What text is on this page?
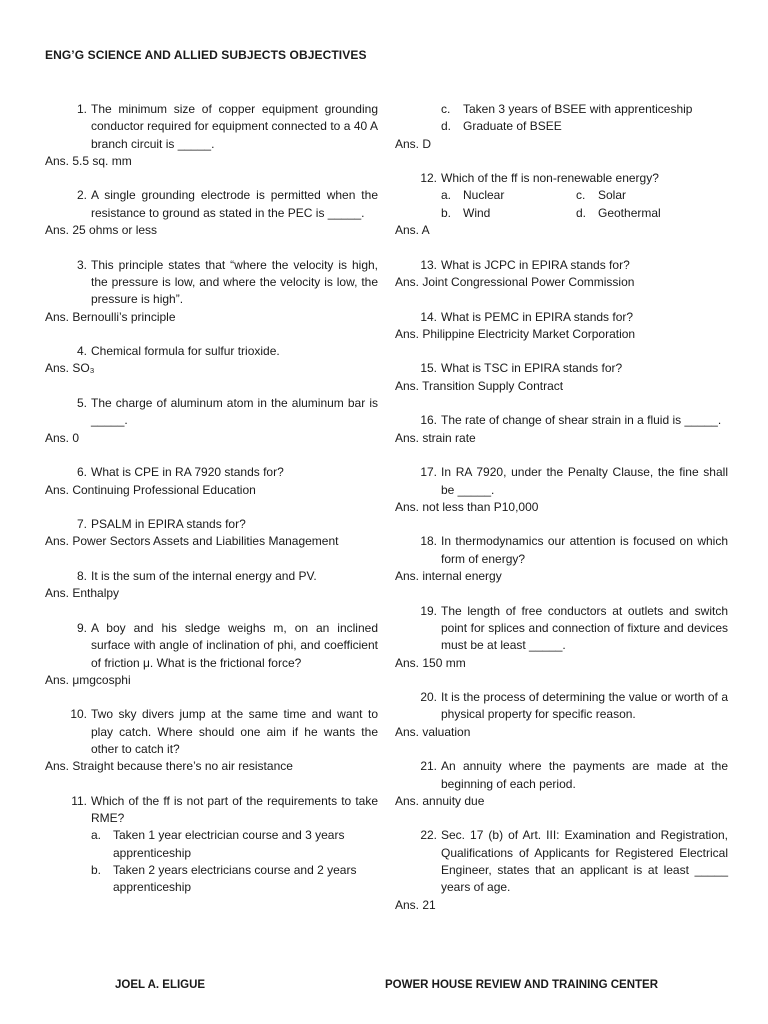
ENG’G SCIENCE AND ALLIED SUBJECTS OBJECTIVES
1. The minimum size of copper equipment grounding conductor required for equipment connected to a 40 A branch circuit is _____.
Ans. 5.5 sq. mm
2. A single grounding electrode is permitted when the resistance to ground as stated in the PEC is _____.
Ans. 25 ohms or less
3. This principle states that “where the velocity is high, the pressure is low, and where the velocity is low, the pressure is high”.
Ans. Bernoulli’s principle
4. Chemical formula for sulfur trioxide.
Ans. SO₃
5. The charge of aluminum atom in the aluminum bar is _____.
Ans. 0
6. What is CPE in RA 7920 stands for?
Ans. Continuing Professional Education
7. PSALM in EPIRA stands for?
Ans. Power Sectors Assets and Liabilities Management
8. It is the sum of the internal energy and PV.
Ans. Enthalpy
9. A boy and his sledge weighs m, on an inclined surface with angle of inclination of phi, and coefficient of friction μ. What is the frictional force?
Ans. μmgcosphi
10. Two sky divers jump at the same time and want to play catch. Where should one aim if he wants the other to catch it?
Ans. Straight because there’s no air resistance
11. Which of the ff is not part of the requirements to take RME?
a. Taken 1 year electrician course and 3 years apprenticeship
b. Taken 2 years electricians course and 2 years apprenticeship
c. Taken 3 years of BSEE with apprenticeship
d. Graduate of BSEE
Ans. D
12. Which of the ff is non-renewable energy?
a. Nuclear	c. Solar
b. Wind	d. Geothermal
Ans. A
13. What is JCPC in EPIRA stands for?
Ans. Joint Congressional Power Commission
14. What is PEMC in EPIRA stands for?
Ans. Philippine Electricity Market Corporation
15. What is TSC in EPIRA stands for?
Ans. Transition Supply Contract
16. The rate of change of shear strain in a fluid is _____.
Ans. strain rate
17. In RA 7920, under the Penalty Clause, the fine shall be _____.
Ans. not less than P10,000
18. In thermodynamics our attention is focused on which form of energy?
Ans. internal energy
19. The length of free conductors at outlets and switch point for splices and connection of fixture and devices must be at least _____.
Ans. 150 mm
20. It is the process of determining the value or worth of a physical property for specific reason.
Ans. valuation
21. An annuity where the payments are made at the beginning of each period.
Ans. annuity due
22. Sec. 17 (b) of Art. III: Examination and Registration, Qualifications of Applicants for Registered Electrical Engineer, states that an applicant is at least _____ years of age.
Ans. 21
JOEL A. ELIGUE	POWER HOUSE REVIEW AND TRAINING CENTER
